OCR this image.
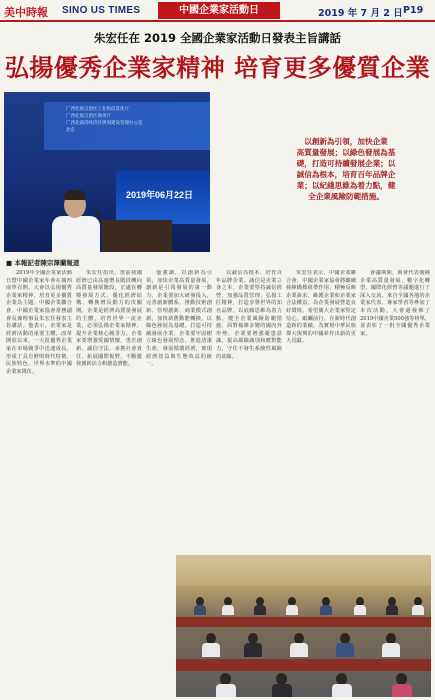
美中時報 SINO US TIMES	中國企業家活動日	2019 年 7 月 2 日 P19
朱宏任在 2019 全國企業家活動日發表主旨講話
弘揚優秀企業家精神 培育更多優質企業
广西壮族自治区工业和信息化厅
广西壮族自治区商务厅
广西北部湾经济区规划建设管理办公室
北京
2019年06月22日
以創新為引領，加快企業
高質量發展；以綠色發展為基
礎，打造可持續發展企業；以
誠信為根本，培育百年品牌企
業；以紀綫思維為着力點，健
全企業風險防範措施。
■ 本報記者陳宗澤蘭報道

2019年全國企業家活動日暨中國企業家年會在廣西南寧召開。大會以弘揚優秀企業家精神、培育更多優質企業為主題。中國企業聯合會、中國企業家協會常務副會長兼理事長朱宏任發表主旨講話。他表示，企業家是經濟活動的重要主體，改革開放以來，一大批優秀企業家在市場競爭中迅速成長，形成了具有鮮明時代特徵、民族特色、世界水準的中國企業家隊伍。

朱宏任指出，當前我國經濟已由高速增長階段轉向高質量發展階段，正處在轉變發展方式、優化經濟結構、轉換增長動力的攻關期。企業是經濟高質量發展的主體，培育世界一流企業，必須弘揚企業家精神，提升企業核心競爭力。企業家要增強愛國情懷，勇於創新，誠信守法，承擔社會責任，拓展國際視野，不斷激發創新活力和創造潛能。

他強調，以創新為引領，加快企業高質量發展。創新是引領發展的第一動力，企業要加大研發投入，完善創新體系，推動技術創新、管理創新、商業模式創新，加快新舊動能轉換。以綠色發展為基礎，打造可持續發展企業。企業要牢固樹立綠色發展理念，推進清潔生產，發展循環經濟，實現經濟效益與生態效益的統一。

以誠信為根本，培育百年品牌企業。誠信是企業立身之本，企業要堅持誠信經營，加強品質管理，弘揚工匠精神，打造享譽世界的知名品牌。以底線思維為着力點，健全企業風險防範措施。面對複雜多變的國內外形勢，企業要增強憂患意識，提高風險識別和應對能力，守住不發生系統性風險的底線。

朱宏任表示，中國企業聯合會、中國企業家協會將繼續發揮橋樑紐帶作用，積極反映企業訴求，維護企業和企業家合法權益，為企業發展營造良好環境。希望廣大企業家堅定信心，砥礪前行，在新時代創造新的業績，為實現中華民族偉大復興的中國夢作出新的更大貢獻。

會議期間，與會代表圍繞企業高質量發展、數字化轉型、國際化經營等議題進行了深入交流。來自全國各地的企業家代表、專家學者等參加了本次活動。大會還發佈了2019中國企業500強等榜單，並表彰了一批全國優秀企業家。
